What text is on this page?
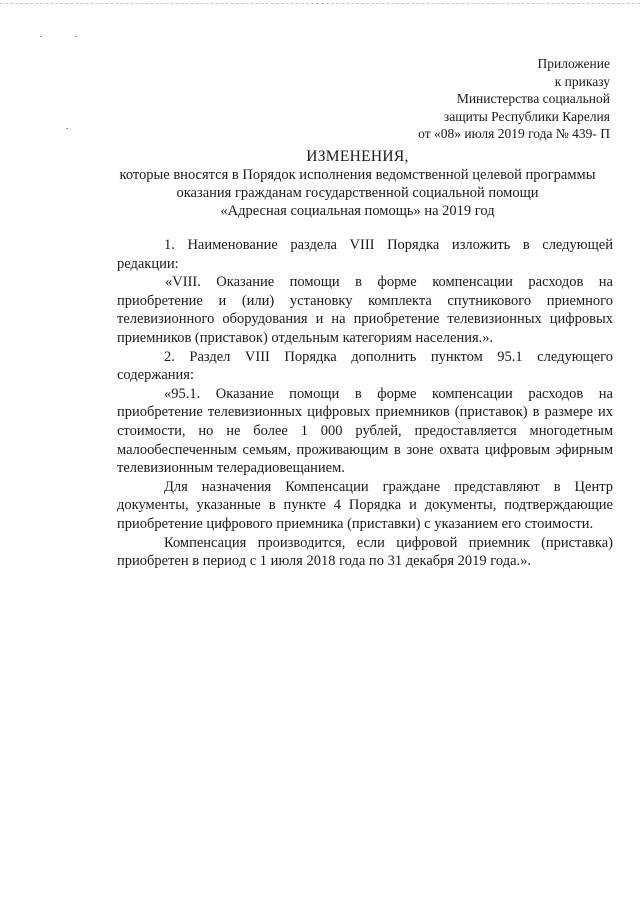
Приложение
к приказу
Министерства социальной
защиты Республики Карелия
от «08» июля 2019 года № 439- П
ИЗМЕНЕНИЯ,
которые вносятся в Порядок исполнения ведомственной целевой программы
оказания гражданам государственной социальной помощи
«Адресная социальная помощь» на 2019 год

1. Наименование раздела VIII Порядка изложить в следующей редакции:

«VIII. Оказание помощи в форме компенсации расходов на приобретение и (или) установку комплекта спутникового приемного телевизионного оборудования и на приобретение телевизионных цифровых приемников (приставок) отдельным категориям населения.».

2. Раздел VIII Порядка дополнить пунктом 95.1 следующего содержания:

«95.1. Оказание помощи в форме компенсации расходов на приобретение телевизионных цифровых приемников (приставок) в размере их стоимости, но не более 1 000 рублей, предоставляется многодетным малообеспеченным семьям, проживающим в зоне охвата цифровым эфирным телевизионным телерадиовещанием.

Для назначения Компенсации граждане представляют в Центр документы, указанные в пункте 4 Порядка и документы, подтверждающие приобретение цифрового приемника (приставки) с указанием его стоимости.

Компенсация производится, если цифровой приемник (приставка) приобретен в период с 1 июля 2018 года по 31 декабря 2019 года.».
